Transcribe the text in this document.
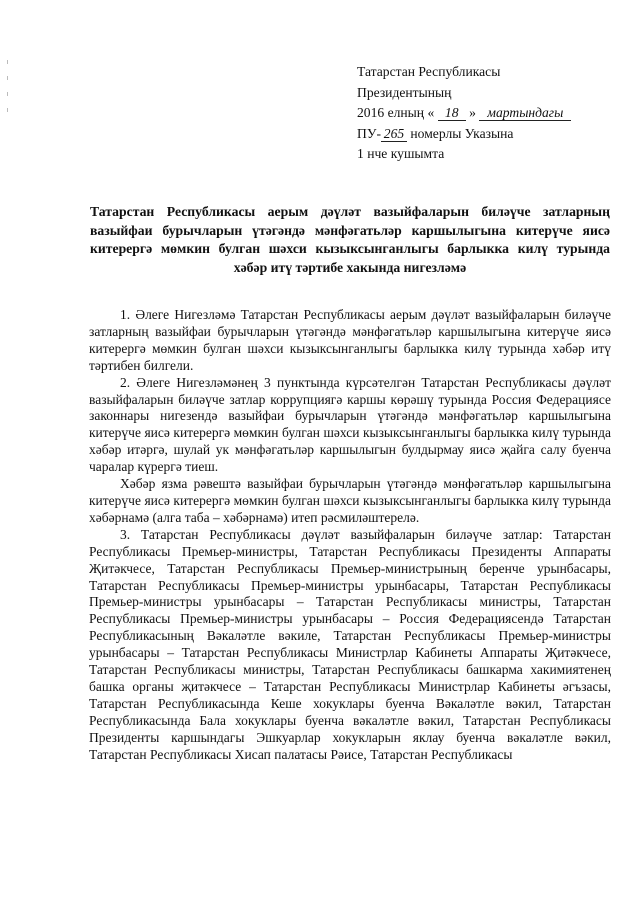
Татарстан Республикасы
Президентының
2016 елның « 18 » мартындагы
ПУ- 265 номерлы Указына
1 нче кушымта
Татарстан Республикасы аерым дәүләт вазыйфаларын биләүче затларның вазыйфаи бурычларын үтәгәндә мәнфәгатьләр каршылыгына китерүче яисә китерергә мөмкин булган шәхси кызыксынганлыгы барлыкка килү турында хәбәр итү тәртибе хакында нигезләмә

1. Әлеге Нигезләмә Татарстан Республикасы аерым дәүләт вазыйфаларын биләүче затларның вазыйфаи бурычларын үтәгәндә мәнфәгатьләр каршылыгына китерүче яисә китерергә мөмкин булган шәхси кызыксынганлыгы барлыкка килү турында хәбәр итү тәртибен билгели.

2. Әлеге Нигезләмәнең 3 пунктында күрсәтелгән Татарстан Республикасы дәүләт вазыйфаларын биләүче затлар коррупциягә каршы көрәшү турында Россия Федерациясе законнары нигезендә вазыйфаи бурычларын үтәгәндә мәнфәгатьләр каршылыгына китерүче яисә китерергә мөмкин булган шәхси кызыксынганлыгы барлыкка килү турында хәбәр итәргә, шулай ук мәнфәгатьләр каршылыгын булдырмау яисә җайга салу буенча чаралар күрергә тиеш.

Хәбәр язма рәвештә вазыйфаи бурычларын үтәгәндә мәнфәгатьләр каршылыгына китерүче яисә китерергә мөмкин булган шәхси кызыксынганлыгы барлыкка килү турында хәбәрнамә (алга таба – хәбәрнамә) итеп рәсмиләштерелә.

3. Татарстан Республикасы дәүләт вазыйфаларын биләүче затлар: Татарстан Республикасы Премьер-министры, Татарстан Республикасы Президенты Аппараты Җитәкчесе, Татарстан Республикасы Премьер-министрының беренче урынбасары, Татарстан Республикасы Премьер-министры урынбасары, Татарстан Республикасы Премьер-министры урынбасары – Татарстан Республикасы министры, Татарстан Республикасы Премьер-министры урынбасары – Россия Федерациясендә Татарстан Республикасының Вәкаләтле вәкиле, Татарстан Республикасы Премьер-министры урынбасары – Татарстан Республикасы Министрлар Кабинеты Аппараты Җитәкчесе, Татарстан Республикасы министры, Татарстан Республикасы башкарма хакимиятенең башка органы җитәкчесе – Татарстан Республикасы Министрлар Кабинеты әгъзасы, Татарстан Республикасында Кеше хокуклары буенча Вәкаләтле вәкил, Татарстан Республикасында Бала хокуклары буенча вәкаләтле вәкил, Татарстан Республикасы Президенты каршындагы Эшкуарлар хокукларын яклау буенча вәкаләтле вәкил, Татарстан Республикасы Хисап палатасы Рәисе, Татарстан Республикасы
